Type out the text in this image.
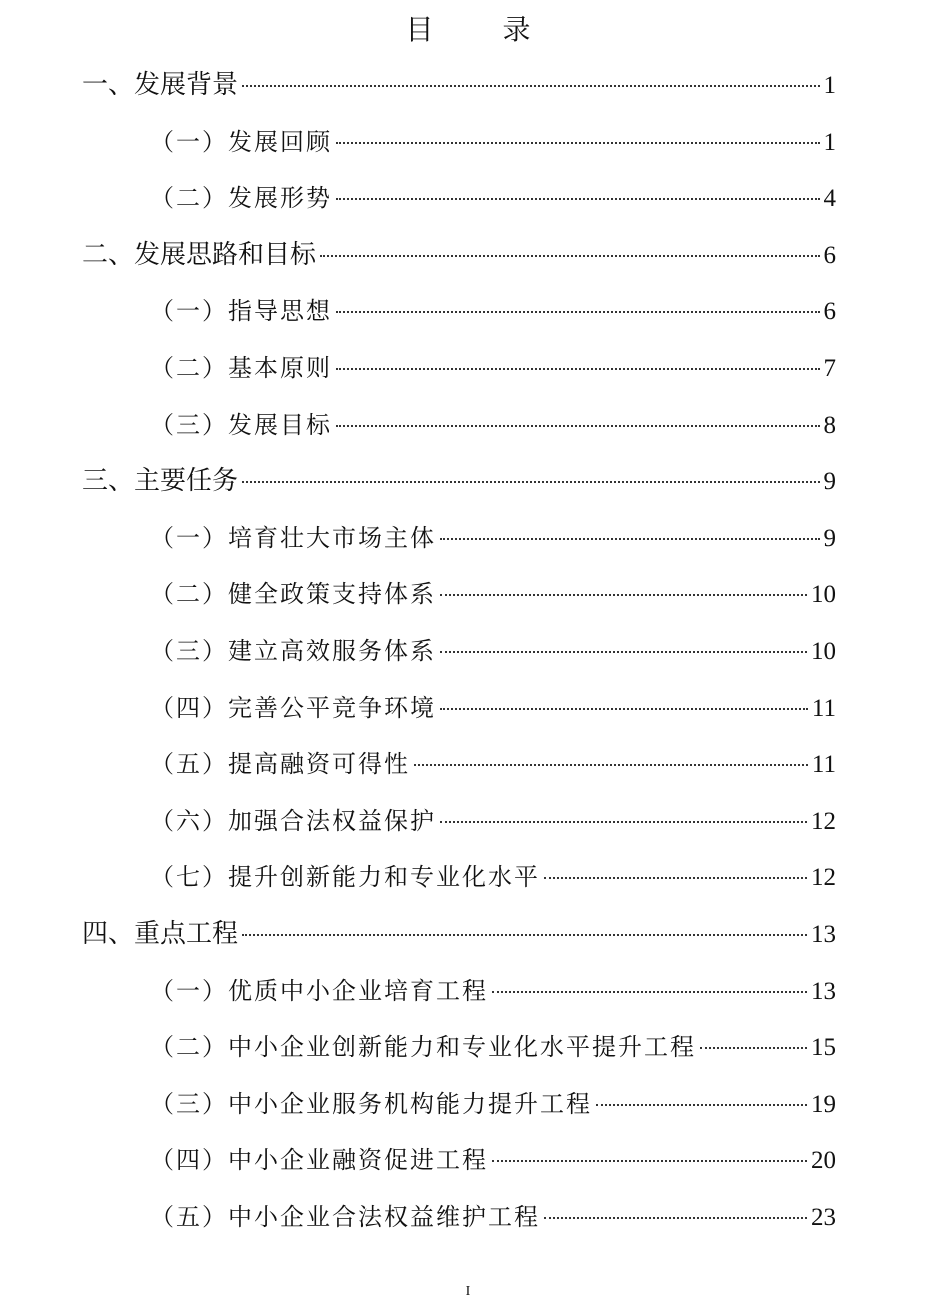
目 录
一、发展背景	1
（一）发展回顾	1
（二）发展形势	4
二、发展思路和目标	6
（一）指导思想	6
（二）基本原则	7
（三）发展目标	8
三、主要任务	9
（一）培育壮大市场主体	9
（二）健全政策支持体系	10
（三）建立高效服务体系	10
（四）完善公平竞争环境	11
（五）提高融资可得性	11
（六）加强合法权益保护	12
（七）提升创新能力和专业化水平	12
四、重点工程	13
（一）优质中小企业培育工程	13
（二）中小企业创新能力和专业化水平提升工程	15
（三）中小企业服务机构能力提升工程	19
（四）中小企业融资促进工程	20
（五）中小企业合法权益维护工程	23
I
